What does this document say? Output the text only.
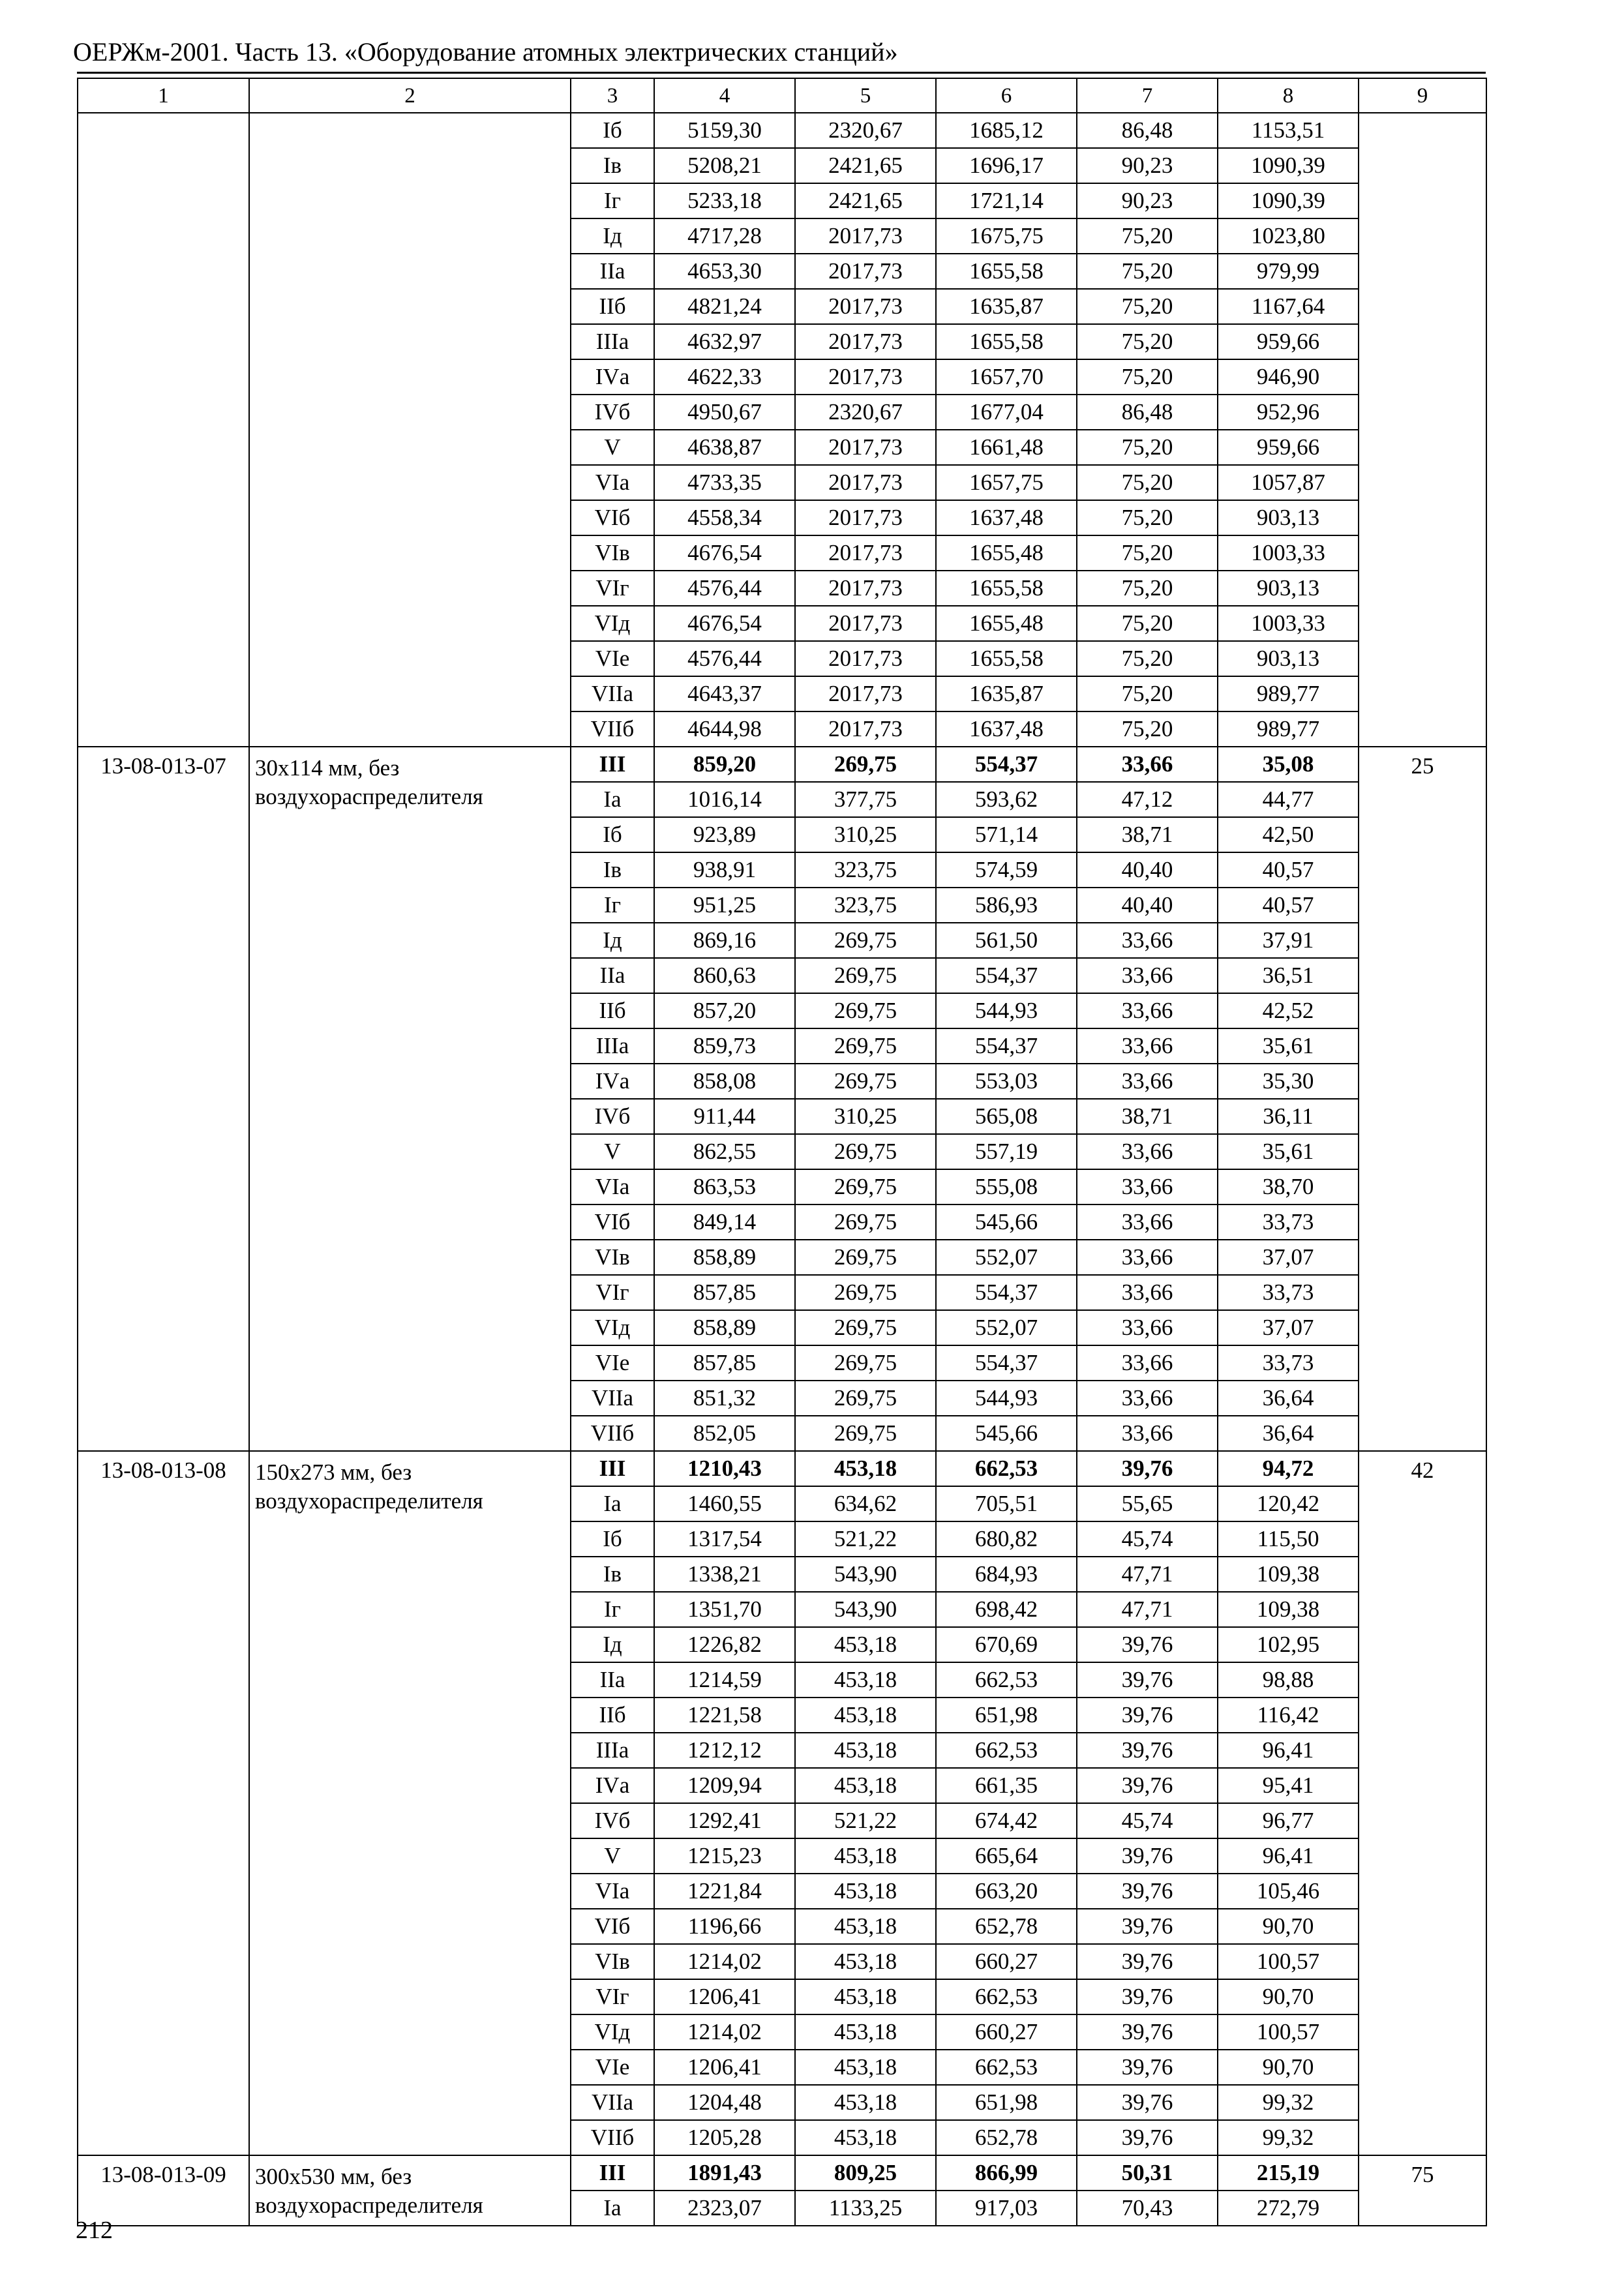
ОЕРЖм-2001. Часть 13. «Оборудование атомных электрических станций»
1	2	3	4	5	6	7	8	9
		Iб	5159,30	2320,67	1685,12	86,48	1153,51	
		Iв	5208,21	2421,65	1696,17	90,23	1090,39	
		Iг	5233,18	2421,65	1721,14	90,23	1090,39	
		Iд	4717,28	2017,73	1675,75	75,20	1023,80	
		IIа	4653,30	2017,73	1655,58	75,20	979,99	
		IIб	4821,24	2017,73	1635,87	75,20	1167,64	
		IIIа	4632,97	2017,73	1655,58	75,20	959,66	
		IVа	4622,33	2017,73	1657,70	75,20	946,90	
		IVб	4950,67	2320,67	1677,04	86,48	952,96	
		V	4638,87	2017,73	1661,48	75,20	959,66	
		VIа	4733,35	2017,73	1657,75	75,20	1057,87	
		VIб	4558,34	2017,73	1637,48	75,20	903,13	
		VIв	4676,54	2017,73	1655,48	75,20	1003,33	
		VIг	4576,44	2017,73	1655,58	75,20	903,13	
		VIд	4676,54	2017,73	1655,48	75,20	1003,33	
		VIе	4576,44	2017,73	1655,58	75,20	903,13	
		VIIа	4643,37	2017,73	1635,87	75,20	989,77	
		VIIб	4644,98	2017,73	1637,48	75,20	989,77	
13-08-013-07	30х114 мм, без воздухораспределителя	III	859,20	269,75	554,37	33,66	35,08	25
		Iа	1016,14	377,75	593,62	47,12	44,77	
		Iб	923,89	310,25	571,14	38,71	42,50	
		Iв	938,91	323,75	574,59	40,40	40,57	
		Iг	951,25	323,75	586,93	40,40	40,57	
		Iд	869,16	269,75	561,50	33,66	37,91	
		IIа	860,63	269,75	554,37	33,66	36,51	
		IIб	857,20	269,75	544,93	33,66	42,52	
		IIIа	859,73	269,75	554,37	33,66	35,61	
		IVа	858,08	269,75	553,03	33,66	35,30	
		IVб	911,44	310,25	565,08	38,71	36,11	
		V	862,55	269,75	557,19	33,66	35,61	
		VIа	863,53	269,75	555,08	33,66	38,70	
		VIб	849,14	269,75	545,66	33,66	33,73	
		VIв	858,89	269,75	552,07	33,66	37,07	
		VIг	857,85	269,75	554,37	33,66	33,73	
		VIд	858,89	269,75	552,07	33,66	37,07	
		VIе	857,85	269,75	554,37	33,66	33,73	
		VIIа	851,32	269,75	544,93	33,66	36,64	
		VIIб	852,05	269,75	545,66	33,66	36,64	
13-08-013-08	150х273 мм, без воздухораспределителя	III	1210,43	453,18	662,53	39,76	94,72	42
		Iа	1460,55	634,62	705,51	55,65	120,42	
		Iб	1317,54	521,22	680,82	45,74	115,50	
		Iв	1338,21	543,90	684,93	47,71	109,38	
		Iг	1351,70	543,90	698,42	47,71	109,38	
		Iд	1226,82	453,18	670,69	39,76	102,95	
		IIа	1214,59	453,18	662,53	39,76	98,88	
		IIб	1221,58	453,18	651,98	39,76	116,42	
		IIIа	1212,12	453,18	662,53	39,76	96,41	
		IVа	1209,94	453,18	661,35	39,76	95,41	
		IVб	1292,41	521,22	674,42	45,74	96,77	
		V	1215,23	453,18	665,64	39,76	96,41	
		VIа	1221,84	453,18	663,20	39,76	105,46	
		VIб	1196,66	453,18	652,78	39,76	90,70	
		VIв	1214,02	453,18	660,27	39,76	100,57	
		VIг	1206,41	453,18	662,53	39,76	90,70	
		VIд	1214,02	453,18	660,27	39,76	100,57	
		VIе	1206,41	453,18	662,53	39,76	90,70	
		VIIа	1204,48	453,18	651,98	39,76	99,32	
		VIIб	1205,28	453,18	652,78	39,76	99,32	
13-08-013-09	300х530 мм, без воздухораспределителя	III	1891,43	809,25	866,99	50,31	215,19	75
		Iа	2323,07	1133,25	917,03	70,43	272,79	
212
